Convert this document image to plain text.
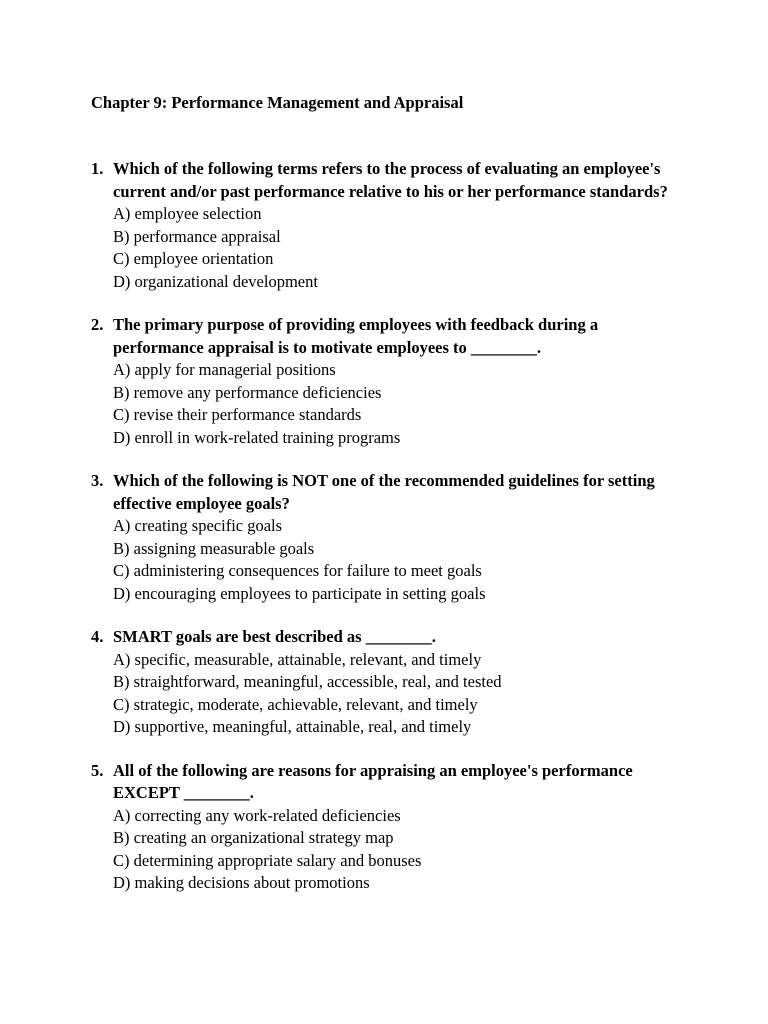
Chapter 9: Performance Management and Appraisal
1. Which of the following terms refers to the process of evaluating an employee's current and/or past performance relative to his or her performance standards?

A) employee selection

B) performance appraisal

C) employee orientation

D) organizational development

2. The primary purpose of providing employees with feedback during a performance appraisal is to motivate employees to ________.

A) apply for managerial positions

B) remove any performance deficiencies

C) revise their performance standards

D) enroll in work-related training programs

3. Which of the following is NOT one of the recommended guidelines for setting effective employee goals?

A) creating specific goals

B) assigning measurable goals

C) administering consequences for failure to meet goals

D) encouraging employees to participate in setting goals

4. SMART goals are best described as ________.

A) specific, measurable, attainable, relevant, and timely

B) straightforward, meaningful, accessible, real, and tested

C) strategic, moderate, achievable, relevant, and timely

D) supportive, meaningful, attainable, real, and timely

5. All of the following are reasons for appraising an employee's performance EXCEPT ________.

A) correcting any work-related deficiencies

B) creating an organizational strategy map

C) determining appropriate salary and bonuses

D) making decisions about promotions
